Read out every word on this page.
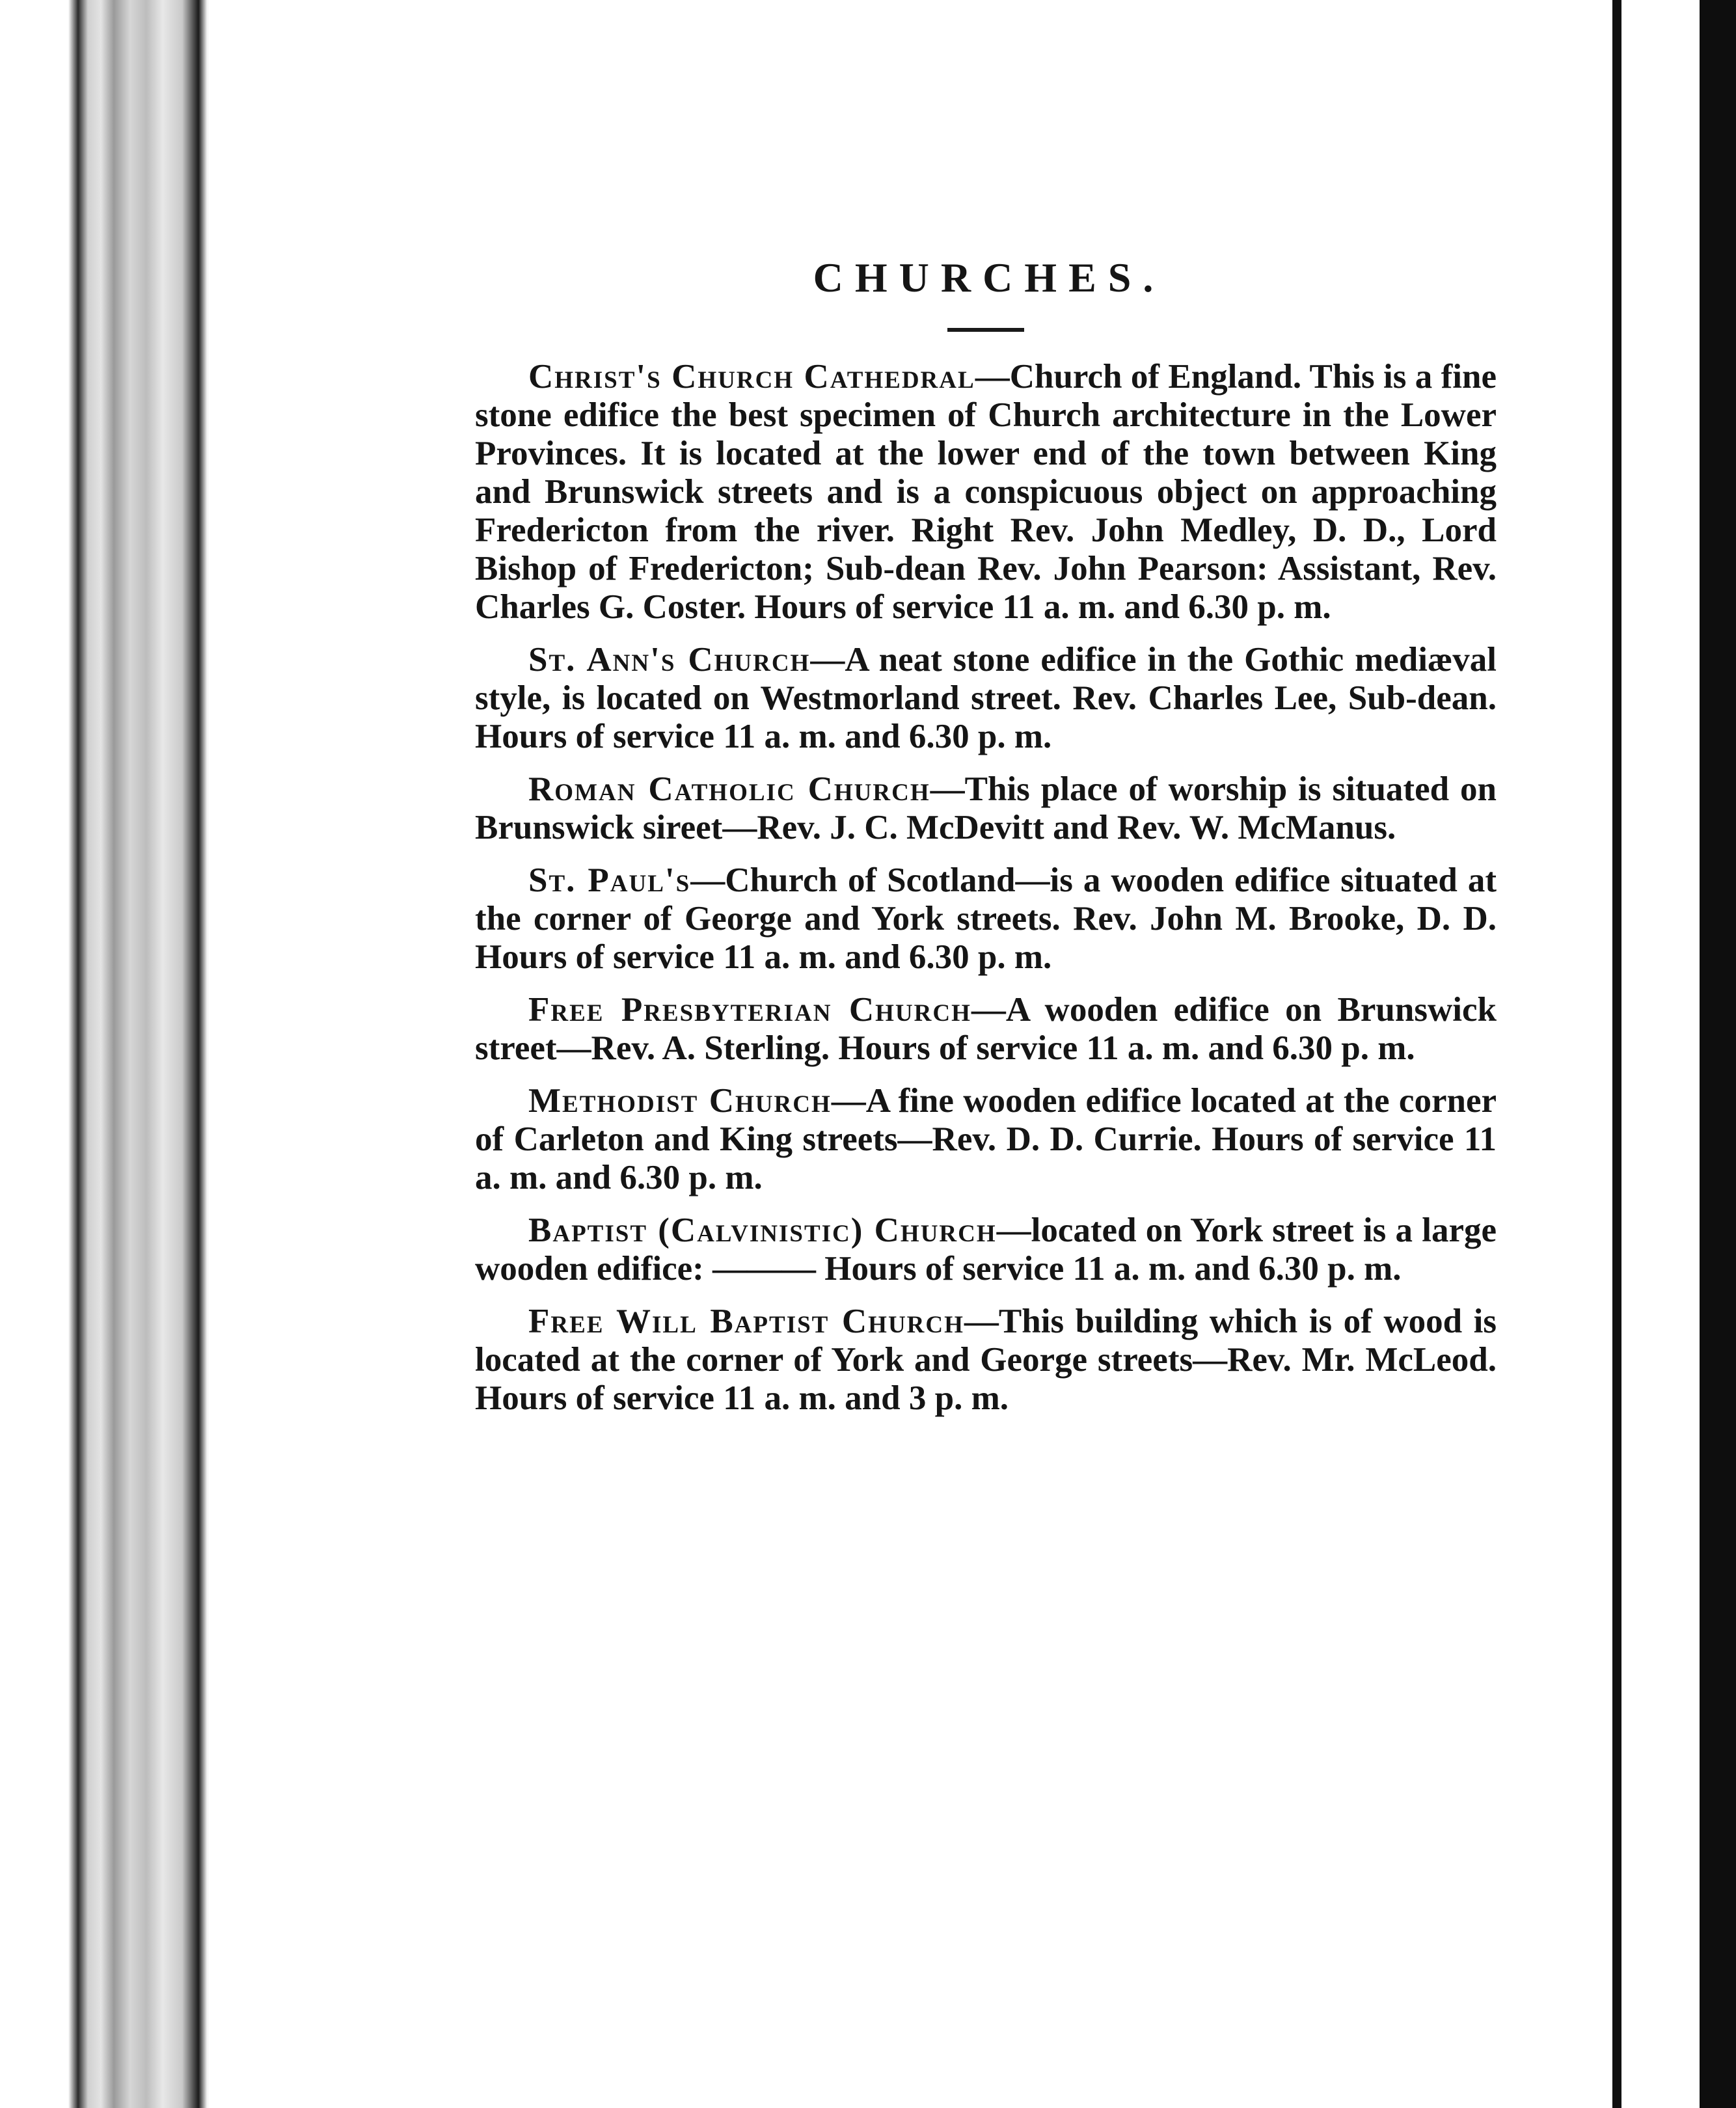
CHURCHES.

Christ's Church Cathedral—Church of England. This is a fine stone edifice the best specimen of Church architecture in the Lower Provinces. It is located at the lower end of the town between King and Brunswick streets and is a conspicuous object on approaching Fredericton from the river. Right Rev. John Medley, D. D., Lord Bishop of Fredericton; Sub-dean Rev. John Pearson: Assistant, Rev. Charles G. Coster. Hours of service 11 a. m. and 6.30 p. m.

St. Ann's Church—A neat stone edifice in the Gothic mediæval style, is located on Westmorland street. Rev. Charles Lee, Sub-dean. Hours of service 11 a. m. and 6.30 p. m.

Roman Catholic Church—This place of worship is situated on Brunswick sireet—Rev. J. C. McDevitt and Rev. W. McManus.

St. Paul's—Church of Scotland—is a wooden edifice situated at the corner of George and York streets. Rev. John M. Brooke, D. D. Hours of service 11 a. m. and 6.30 p. m.

Free Presbyterian Church—A wooden edifice on Brunswick street—Rev. A. Sterling. Hours of service 11 a. m. and 6.30 p. m.

Methodist Church—A fine wooden edifice located at the corner of Carleton and King streets—Rev. D. D. Currie. Hours of service 11 a. m. and 6.30 p. m.

Baptist (Calvinistic) Church—located on York street is a large wooden edifice: ——— Hours of service 11 a. m. and 6.30 p. m.

Free Will Baptist Church—This building which is of wood is located at the corner of York and George streets—Rev. Mr. McLeod. Hours of service 11 a. m. and 3 p. m.
